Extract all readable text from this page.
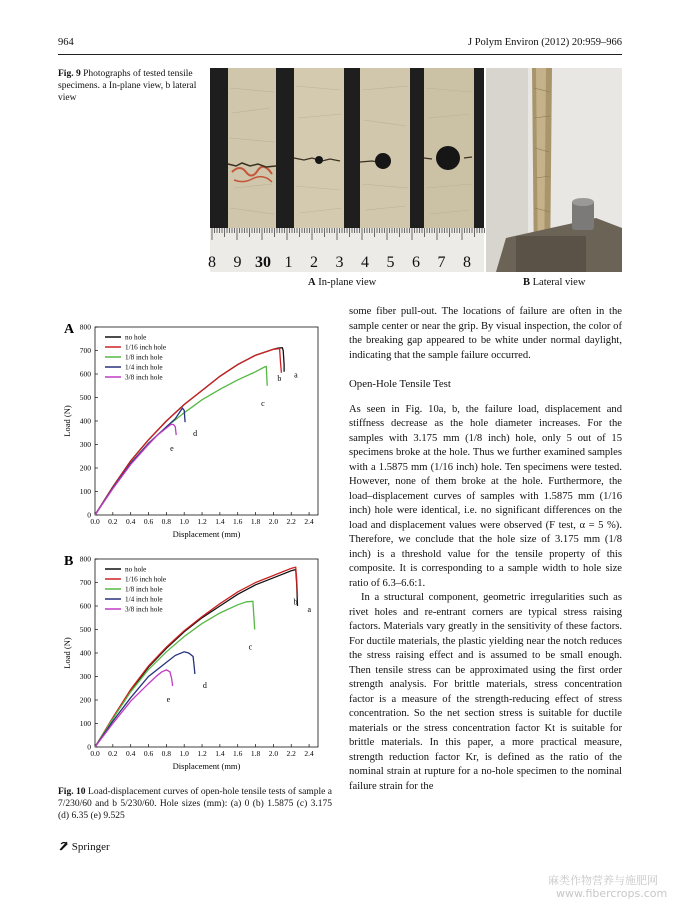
964	J Polym Environ (2012) 20:959–966
Fig. 9 Photographs of tested tensile specimens. a In-plane view, b lateral view
8 9 30 1 2 3 4 5 6 7 8
A In-plane view	B Lateral view
A
0
100
200
300
400
500
600
700
800
0.0 0.2 0.4 0.6 0.8 1.0 1.2 1.4 1.6 1.8 2.0 2.2 2.4
Displacement (mm)
Load (N)
a
b
c
d
e
no hole
1/16 inch hole
1/8 inch hole
1/4 inch hole
3/8 inch hole
B
0
100
200
300
400
500
600
700
800
0.0 0.2 0.4 0.6 0.8 1.0 1.2 1.4 1.6 1.8 2.0 2.2 2.4
Displacement (mm)
Load (N)
a
b
c
d
e
no hole
1/16 inch hole
1/8 inch hole
1/4 inch hole
3/8 inch hole
Fig. 10 Load-displacement curves of open-hole tensile tests of sample a 7/230/60 and b 5/230/60. Hole sizes (mm): (a) 0 (b) 1.5875 (c) 3.175 (d) 6.35 (e) 9.525

some fiber pull-out. The locations of failure are often in the sample center or near the grip. By visual inspection, the color of the breaking gap appeared to be white under normal daylight, indicating that the sample failure occurred.

Open-Hole Tensile Test

As seen in Fig. 10a, b, the failure load, displacement and stiffness decrease as the hole diameter increases. For the samples with 3.175 mm (1/8 inch) hole, only 5 out of 15 specimens broke at the hole. Thus we further examined samples with a 1.5875 mm (1/16 inch) hole. Ten specimens were tested. However, none of them broke at the hole. Furthermore, the load–displacement curves of samples with 1.5875 mm (1/16 inch) hole were identical, i.e. no significant differences on the load and displacement values were observed (F test, α = 5 %). Therefore, we conclude that the hole size of 3.175 mm (1/8 inch) is a threshold value for the tensile property of this composite. It is corresponding to a sample width to hole size ratio of 6.3–6.6:1.

In a structural component, geometric irregularities such as rivet holes and re-entrant corners are typical stress raising factors. Materials vary greatly in the sensitivity of these factors. For ductile materials, the plastic yielding near the notch reduces the stress raising effect and is assumed to be small enough. Then tensile stress can be approximated using the first order strength analysis. For brittle materials, stress concentration factor is a measure of the strength-reducing effect of stress concentration. So the net section stress is suitable for ductile materials or the stress concentration factor Kt is suitable for brittle materials. In this paper, a more practical measure, strength reduction factor Kr, is defined as the ratio of the nominal strain at rupture for a no-hole specimen to the nominal failure strain for the

Springer
麻类作物营养与施肥网
www.fibercrops.com
